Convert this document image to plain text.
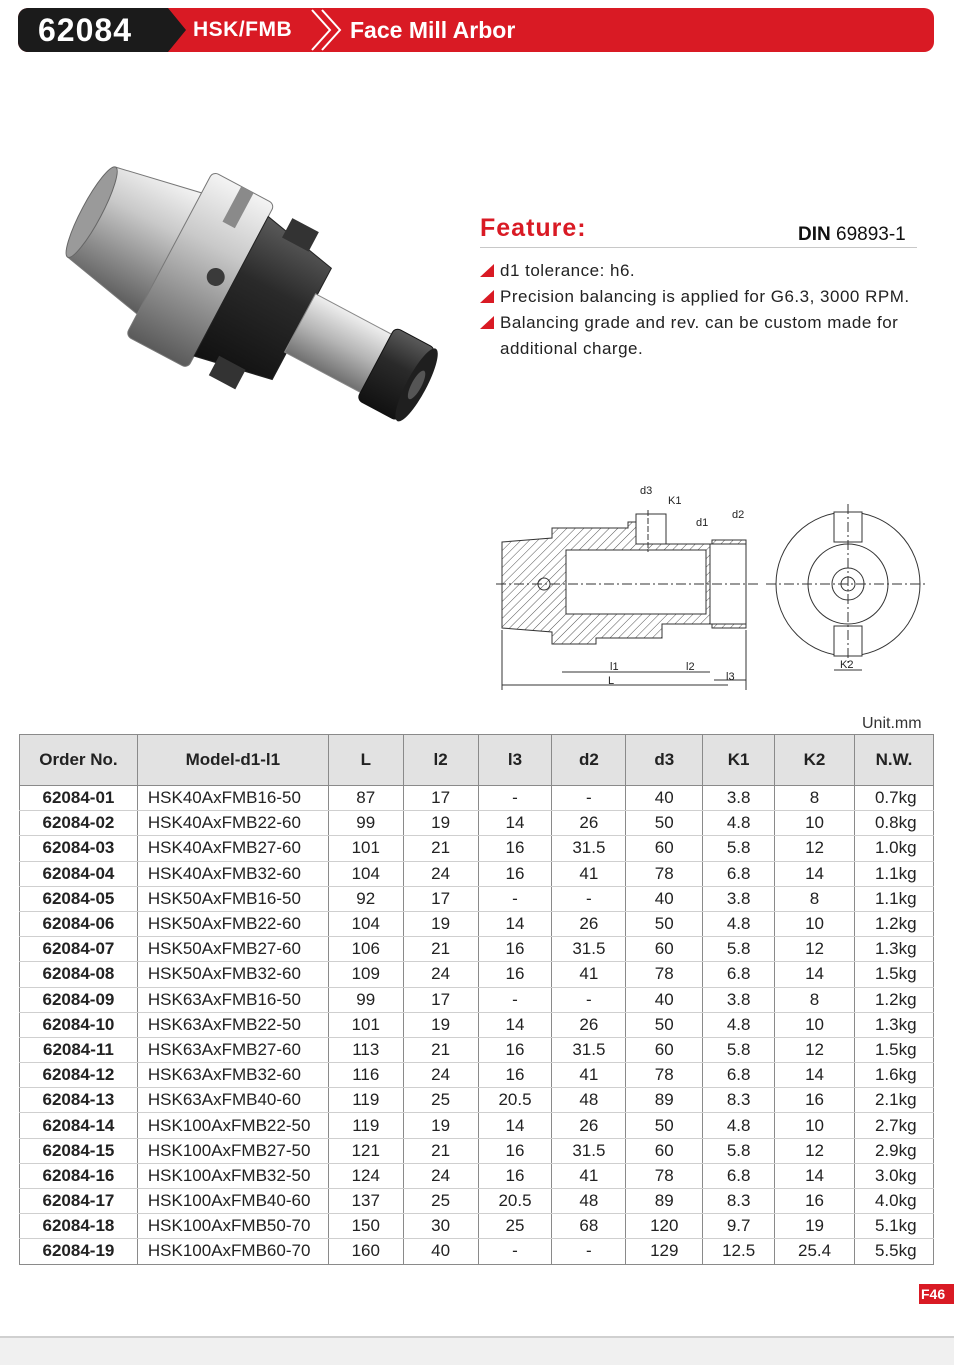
62084	HSK/FMB	Face Mill Arbor
Feature:	DIN 69893-1
d1 tolerance: h6.
Precision balancing is applied for G6.3, 3000 RPM.
Balancing grade and rev. can be custom made for additional charge.
d3
K1
d1
d2
l1	l2
l3
L
K2
Unit.mm
Order No.	Model-d1-l1	L	l2	l3	d2	d3	K1	K2	N.W.
62084-01	HSK40AxFMB16-50	87	17	-	-	40	3.8	8	0.7kg
62084-02	HSK40AxFMB22-60	99	19	14	26	50	4.8	10	0.8kg
62084-03	HSK40AxFMB27-60	101	21	16	31.5	60	5.8	12	1.0kg
62084-04	HSK40AxFMB32-60	104	24	16	41	78	6.8	14	1.1kg
62084-05	HSK50AxFMB16-50	92	17	-	-	40	3.8	8	1.1kg
62084-06	HSK50AxFMB22-60	104	19	14	26	50	4.8	10	1.2kg
62084-07	HSK50AxFMB27-60	106	21	16	31.5	60	5.8	12	1.3kg
62084-08	HSK50AxFMB32-60	109	24	16	41	78	6.8	14	1.5kg
62084-09	HSK63AxFMB16-50	99	17	-	-	40	3.8	8	1.2kg
62084-10	HSK63AxFMB22-50	101	19	14	26	50	4.8	10	1.3kg
62084-11	HSK63AxFMB27-60	113	21	16	31.5	60	5.8	12	1.5kg
62084-12	HSK63AxFMB32-60	116	24	16	41	78	6.8	14	1.6kg
62084-13	HSK63AxFMB40-60	119	25	20.5	48	89	8.3	16	2.1kg
62084-14	HSK100AxFMB22-50	119	19	14	26	50	4.8	10	2.7kg
62084-15	HSK100AxFMB27-50	121	21	16	31.5	60	5.8	12	2.9kg
62084-16	HSK100AxFMB32-50	124	24	16	41	78	6.8	14	3.0kg
62084-17	HSK100AxFMB40-60	137	25	20.5	48	89	8.3	16	4.0kg
62084-18	HSK100AxFMB50-70	150	30	25	68	120	9.7	19	5.1kg
62084-19	HSK100AxFMB60-70	160	40	-	-	129	12.5	25.4	5.5kg
F46
